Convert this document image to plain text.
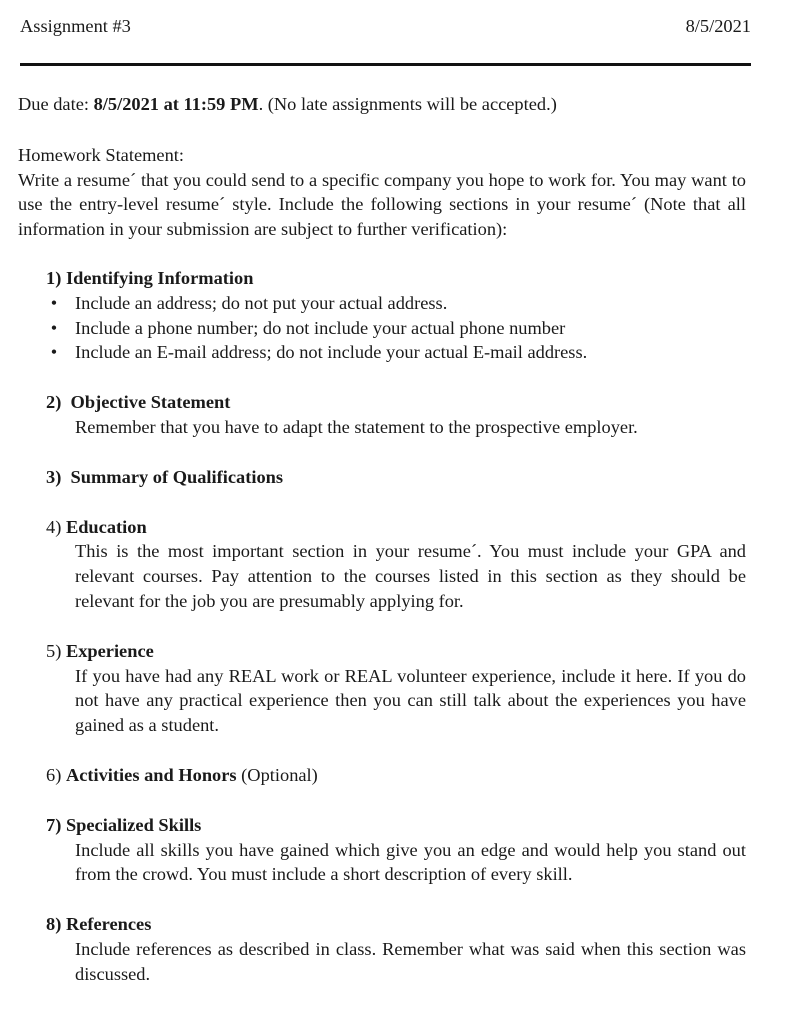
Assignment #3	8/5/2021

Due date: 8/5/2021 at 11:59 PM. (No late assignments will be accepted.)

Homework Statement:
Write a resume´ that you could send to a specific company you hope to work for. You may want to use the entry-level resume´ style. Include the following sections in your resume´ (Note that all information in your submission are subject to further verification):

1) Identifying Information

• Include an address; do not put your actual address.
• Include a phone number; do not include your actual phone number
• Include an E-mail address; do not include your actual E-mail address.

2) Objective Statement

Remember that you have to adapt the statement to the prospective employer.

3) Summary of Qualifications

4) Education

This is the most important section in your resume´. You must include your GPA and relevant courses. Pay attention to the courses listed in this section as they should be relevant for the job you are presumably applying for.

5) Experience

If you have had any REAL work or REAL volunteer experience, include it here. If you do not have any practical experience then you can still talk about the experiences you have gained as a student.

6) Activities and Honors (Optional)

7) Specialized Skills

Include all skills you have gained which give you an edge and would help you stand out from the crowd. You must include a short description of every skill.

8) References

Include references as described in class. Remember what was said when this section was discussed.
